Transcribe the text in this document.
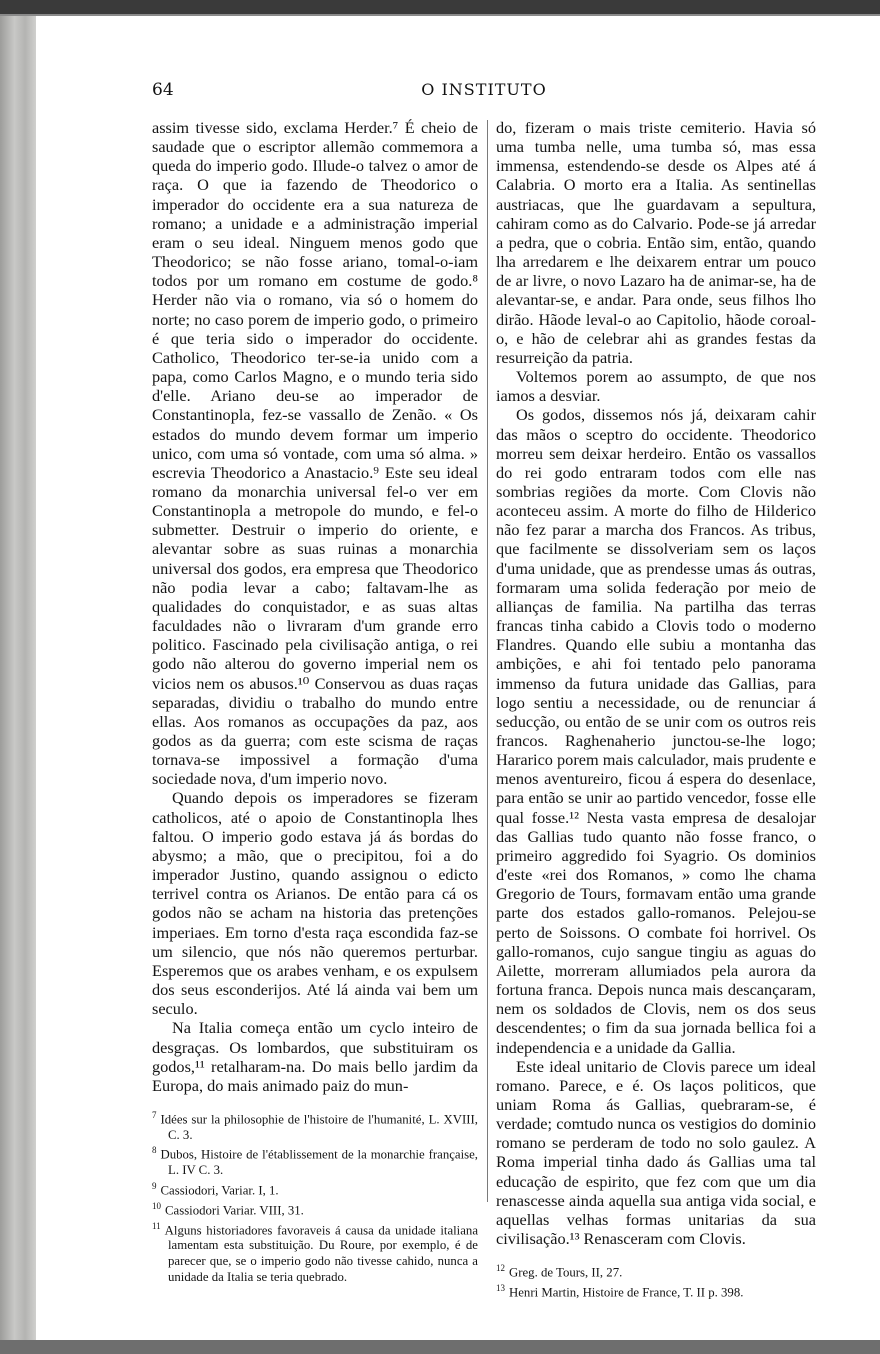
64	O INSTITUTO

assim tivesse sido, exclama Herder.⁷ É cheio de saudade que o escriptor allemão commemora a queda do imperio godo. Illude-o talvez o amor de raça. O que ia fazendo de Theodorico o imperador do occidente era a sua natureza de romano; a unidade e a administração imperial eram o seu ideal. Ninguem menos godo que Theodorico; se não fosse ariano, tomal-o-iam todos por um romano em costume de godo.⁸ Herder não via o romano, via só o homem do norte; no caso porem de imperio godo, o primeiro é que teria sido o imperador do occidente. Catholico, Theodorico ter-se-ia unido com a papa, como Carlos Magno, e o mundo teria sido d'elle. Ariano deu-se ao imperador de Constantinopla, fez-se vassallo de Zenão. « Os estados do mundo devem formar um imperio unico, com uma só vontade, com uma só alma. » escrevia Theodorico a Anastacio.⁹ Este seu ideal romano da monarchia universal fel-o ver em Constantinopla a metropole do mundo, e fel-o submetter. Destruir o imperio do oriente, e alevantar sobre as suas ruinas a monarchia universal dos godos, era empresa que Theodorico não podia levar a cabo; faltavam-lhe as qualidades do conquistador, e as suas altas faculdades não o livraram d'um grande erro politico. Fascinado pela civilisação antiga, o rei godo não alterou do governo imperial nem os vicios nem os abusos.¹⁰ Conservou as duas raças separadas, dividiu o trabalho do mundo entre ellas. Aos romanos as occupações da paz, aos godos as da guerra; com este scisma de raças tornava-se impossivel a formação d'uma sociedade nova, d'um imperio novo.

Quando depois os imperadores se fizeram catholicos, até o apoio de Constantinopla lhes faltou. O imperio godo estava já ás bordas do abysmo; a mão, que o precipitou, foi a do imperador Justino, quando assignou o edicto terrivel contra os Arianos. De então para cá os godos não se acham na historia das pretenções imperiaes. Em torno d'esta raça escondida faz-se um silencio, que nós não queremos perturbar. Esperemos que os arabes venham, e os expulsem dos seus esconderijos. Até lá ainda vai bem um seculo.

Na Italia começa então um cyclo inteiro de desgraças. Os lombardos, que substituiram os godos,¹¹ retalharam-na. Do mais bello jardim da Europa, do mais animado paiz do mun-

$^7$ Idées sur la philosophie de l'histoire de l'humanité, L. XVIII, C. 3.

$^8$ Dubos, Histoire de l'établissement de la monarchie française, L. IV C. 3.

$^9$ Cassiodori, Variar. I, 1.

$^{10}$ Cassiodori Variar. VIII, 31.

$^{11}$ Alguns historiadores favoraveis á causa da unidade italiana lamentam esta substituição. Du Roure, por exemplo, é de parecer que, se o imperio godo não tivesse cahido, nunca a unidade da Italia se teria quebrado.

do, fizeram o mais triste cemiterio. Havia só uma tumba nelle, uma tumba só, mas essa immensa, estendendo-se desde os Alpes até á Calabria. O morto era a Italia. As sentinellas austriacas, que lhe guardavam a sepultura, cahiram como as do Calvario. Pode-se já arredar a pedra, que o cobria. Então sim, então, quando lha arredarem e lhe deixarem entrar um pouco de ar livre, o novo Lazaro ha de animar-se, ha de alevantar-se, e andar. Para onde, seus filhos lho dirão. Hãode leval-o ao Capitolio, hãode coroal-o, e hão de celebrar ahi as grandes festas da resurreição da patria.

Voltemos porem ao assumpto, de que nos iamos a desviar.

Os godos, dissemos nós já, deixaram cahir das mãos o sceptro do occidente. Theodorico morreu sem deixar herdeiro. Então os vassallos do rei godo entraram todos com elle nas sombrias regiões da morte. Com Clovis não aconteceu assim. A morte do filho de Hilderico não fez parar a marcha dos Francos. As tribus, que facilmente se dissolveriam sem os laços d'uma unidade, que as prendesse umas ás outras, formaram uma solida federação por meio de allianças de familia. Na partilha das terras francas tinha cabido a Clovis todo o moderno Flandres. Quando elle subiu a montanha das ambições, e ahi foi tentado pelo panorama immenso da futura unidade das Gallias, para logo sentiu a necessidade, ou de renunciar á seducção, ou então de se unir com os outros reis francos. Raghenaherio junctou-se-lhe logo; Hararico porem mais calculador, mais prudente e menos aventureiro, ficou á espera do desenlace, para então se unir ao partido vencedor, fosse elle qual fosse.¹² Nesta vasta empresa de desalojar das Gallias tudo quanto não fosse franco, o primeiro aggredido foi Syagrio. Os dominios d'este «rei dos Romanos, » como lhe chama Gregorio de Tours, formavam então uma grande parte dos estados gallo-romanos. Pelejou-se perto de Soissons. O combate foi horrivel. Os gallo-romanos, cujo sangue tingiu as aguas do Ailette, morreram allumiados pela aurora da fortuna franca. Depois nunca mais descançaram, nem os soldados de Clovis, nem os dos seus descendentes; o fim da sua jornada bellica foi a independencia e a unidade da Gallia.

Este ideal unitario de Clovis parece um ideal romano. Parece, e é. Os laços politicos, que uniam Roma ás Gallias, quebraram-se, é verdade; comtudo nunca os vestigios do dominio romano se perderam de todo no solo gaulez. A Roma imperial tinha dado ás Gallias uma tal educação de espirito, que fez com que um dia renascesse ainda aquella sua antiga vida social, e aquellas velhas formas unitarias da sua civilisação.¹³ Renasceram com Clovis.

$^{12}$ Greg. de Tours, II, 27.

$^{13}$ Henri Martin, Histoire de France, T. II p. 398.
